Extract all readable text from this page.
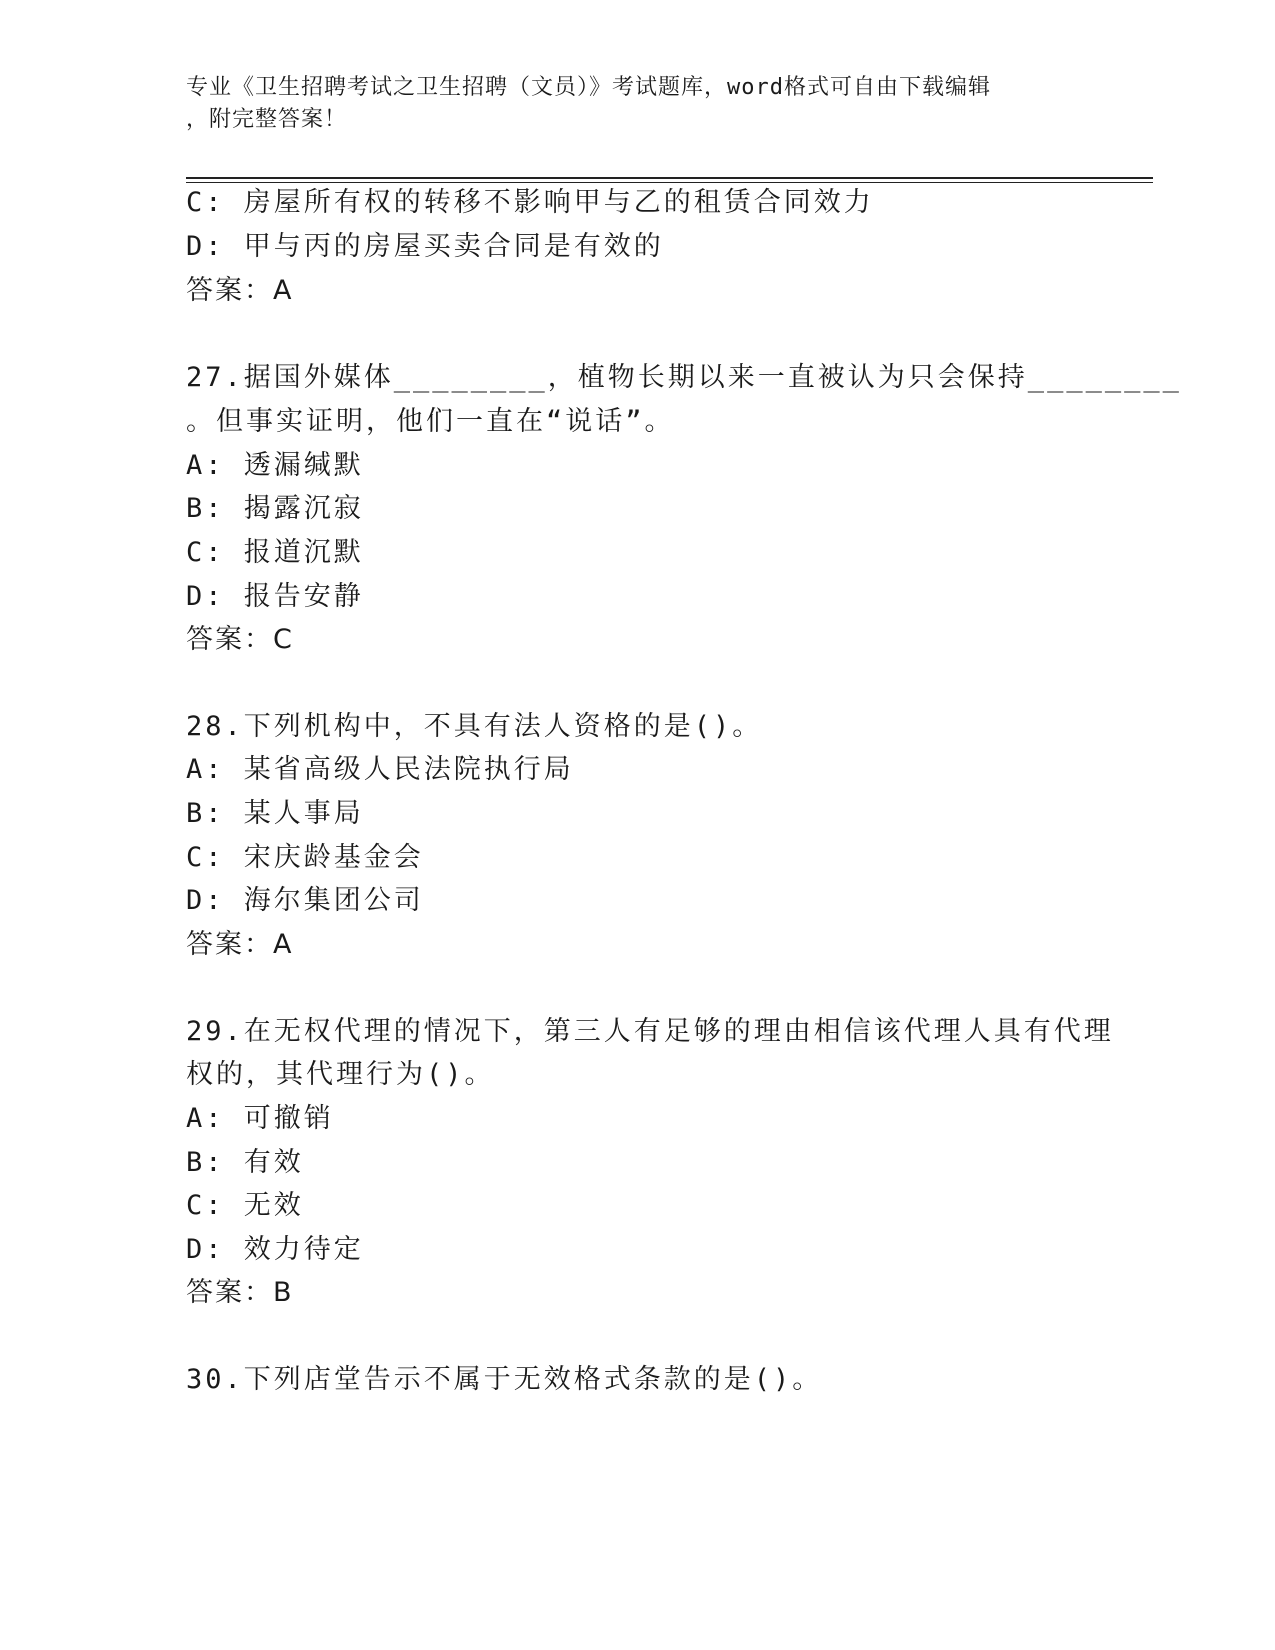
专业《卫生招聘考试之卫生招聘（文员）》考试题库，word格式可自由下载编辑
，附完整答案！
C: 房屋所有权的转移不影响甲与乙的租赁合同效力
D: 甲与丙的房屋买卖合同是有效的
答案：A
27.据国外媒体________，植物长期以来一直被认为只会保持________
。但事实证明，他们一直在“说话”。
A: 透漏缄默
B: 揭露沉寂
C: 报道沉默
D: 报告安静
答案：C
28.下列机构中，不具有法人资格的是()。
A: 某省高级人民法院执行局
B: 某人事局
C: 宋庆龄基金会
D: 海尔集团公司
答案：A
29.在无权代理的情况下，第三人有足够的理由相信该代理人具有代理
权的，其代理行为()。
A: 可撤销
B: 有效
C: 无效
D: 效力待定
答案：B
30.下列店堂告示不属于无效格式条款的是()。
